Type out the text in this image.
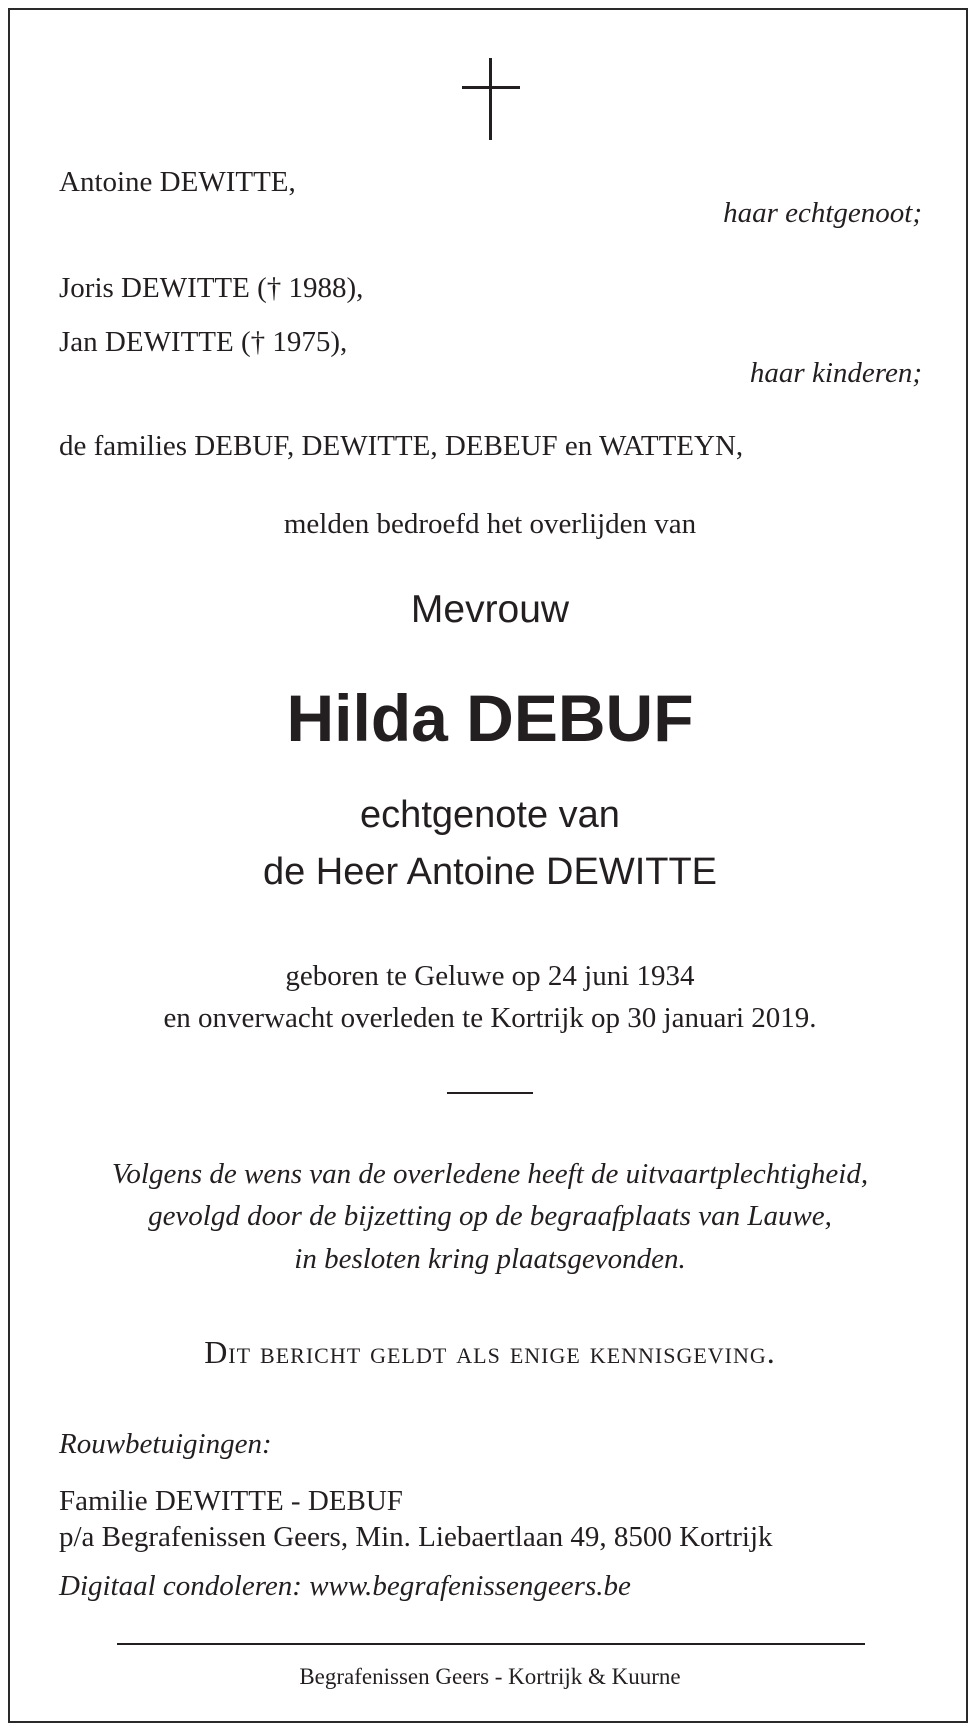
Antoine DEWITTE,
haar echtgenoot;
Joris DEWITTE († 1988),
Jan DEWITTE († 1975),
haar kinderen;
de families DEBUF, DEWITTE, DEBEUF en WATTEYN,
melden bedroefd het overlijden van
Mevrouw
Hilda DEBUF
echtgenote van
de Heer Antoine DEWITTE
geboren te Geluwe op 24 juni 1934
en onverwacht overleden te Kortrijk op 30 januari 2019.
Volgens de wens van de overledene heeft de uitvaartplechtigheid,
gevolgd door de bijzetting op de begraafplaats van Lauwe,
in besloten kring plaatsgevonden.
Dit bericht geldt als enige kennisgeving.
Rouwbetuigingen:
Familie DEWITTE - DEBUF
p/a Begrafenissen Geers, Min. Liebaertlaan 49, 8500 Kortrijk
Digitaal condoleren: www.begrafenissengeers.be
Begrafenissen Geers - Kortrijk & Kuurne
